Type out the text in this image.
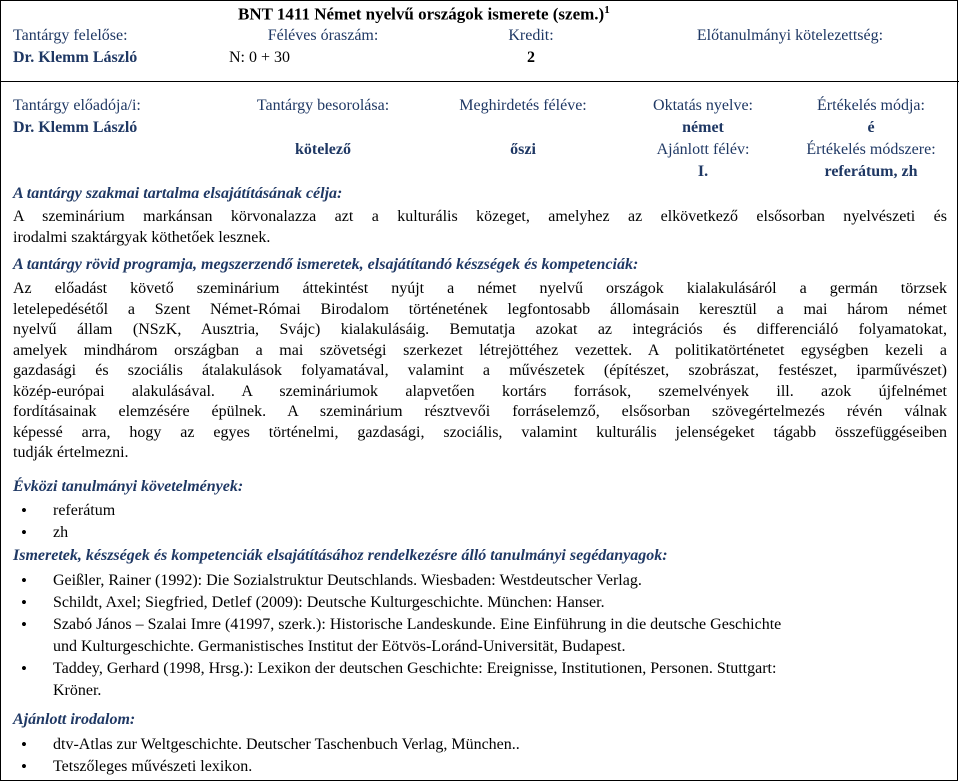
BNT 1411 Német nyelvű országok ismerete (szem.)$^1$
Tantárgy felelőse:
Dr. Klemm László
Féléves óraszám:
N: 0 + 30
Kredit:
2
Előtanulmányi kötelezettség:
Tantárgy előadója/i:
Dr. Klemm László
Tantárgy besorolása:
kötelező
Meghirdetés féléve:
őszi
Oktatás nyelve:
német
Ajánlott félév:
I.
Értékelés módja:
é
Értékelés módszere:
referátum, zh
A tantárgy szakmai tartalma elsajátításának célja:
A szeminárium markánsan körvonalazza azt a kulturális közeget, amelyhez az elkövetkező elsősorban nyelvészeti és
irodalmi szaktárgyak köthetőek lesznek.
A tantárgy rövid programja, megszerzendő ismeretek, elsajátítandó készségek és kompetenciák:
Az előadást követő szeminárium áttekintést nyújt a német nyelvű országok kialakulásáról a germán törzsek
letelepedésétől a Szent Német-Római Birodalom történetének legfontosabb állomásain keresztül a mai három német
nyelvű állam (NSzK, Ausztria, Svájc) kialakulásáig. Bemutatja azokat az integrációs és differenciáló folyamatokat,
amelyek mindhárom országban a mai szövetségi szerkezet létrejöttéhez vezettek. A politikatörténetet egységben kezeli a
gazdasági és szociális átalakulások folyamatával, valamint a művészetek (építészet, szobrászat, festészet, iparművészet)
közép-európai alakulásával. A szemináriumok alapvetően kortárs források, szemelvények ill. azok újfelnémet
fordításainak elemzésére épülnek. A szeminárium résztvevői forráselemző, elsősorban szövegértelmezés révén válnak
képessé arra, hogy az egyes történelmi, gazdasági, szociális, valamint kulturális jelenségeket tágabb összefüggéseiben
tudják értelmezni.
Évközi tanulmányi követelmények:
• referátum
• zh
Ismeretek, készségek és kompetenciák elsajátításához rendelkezésre álló tanulmányi segédanyagok:
• Geißler, Rainer (1992): Die Sozialstruktur Deutschlands. Wiesbaden: Westdeutscher Verlag.
• Schildt, Axel; Siegfried, Detlef (2009): Deutsche Kulturgeschichte. München: Hanser.
• Szabó János – Szalai Imre (41997, szerk.): Historische Landeskunde. Eine Einführung in die deutsche Geschichte
und Kulturgeschichte. Germanistisches Institut der Eötvös-Loránd-Universität, Budapest.
• Taddey, Gerhard (1998, Hrsg.): Lexikon der deutschen Geschichte: Ereignisse, Institutionen, Personen. Stuttgart:
Kröner.
Ajánlott irodalom:
• dtv-Atlas zur Weltgeschichte. Deutscher Taschenbuch Verlag, München..
• Tetszőleges művészeti lexikon.
